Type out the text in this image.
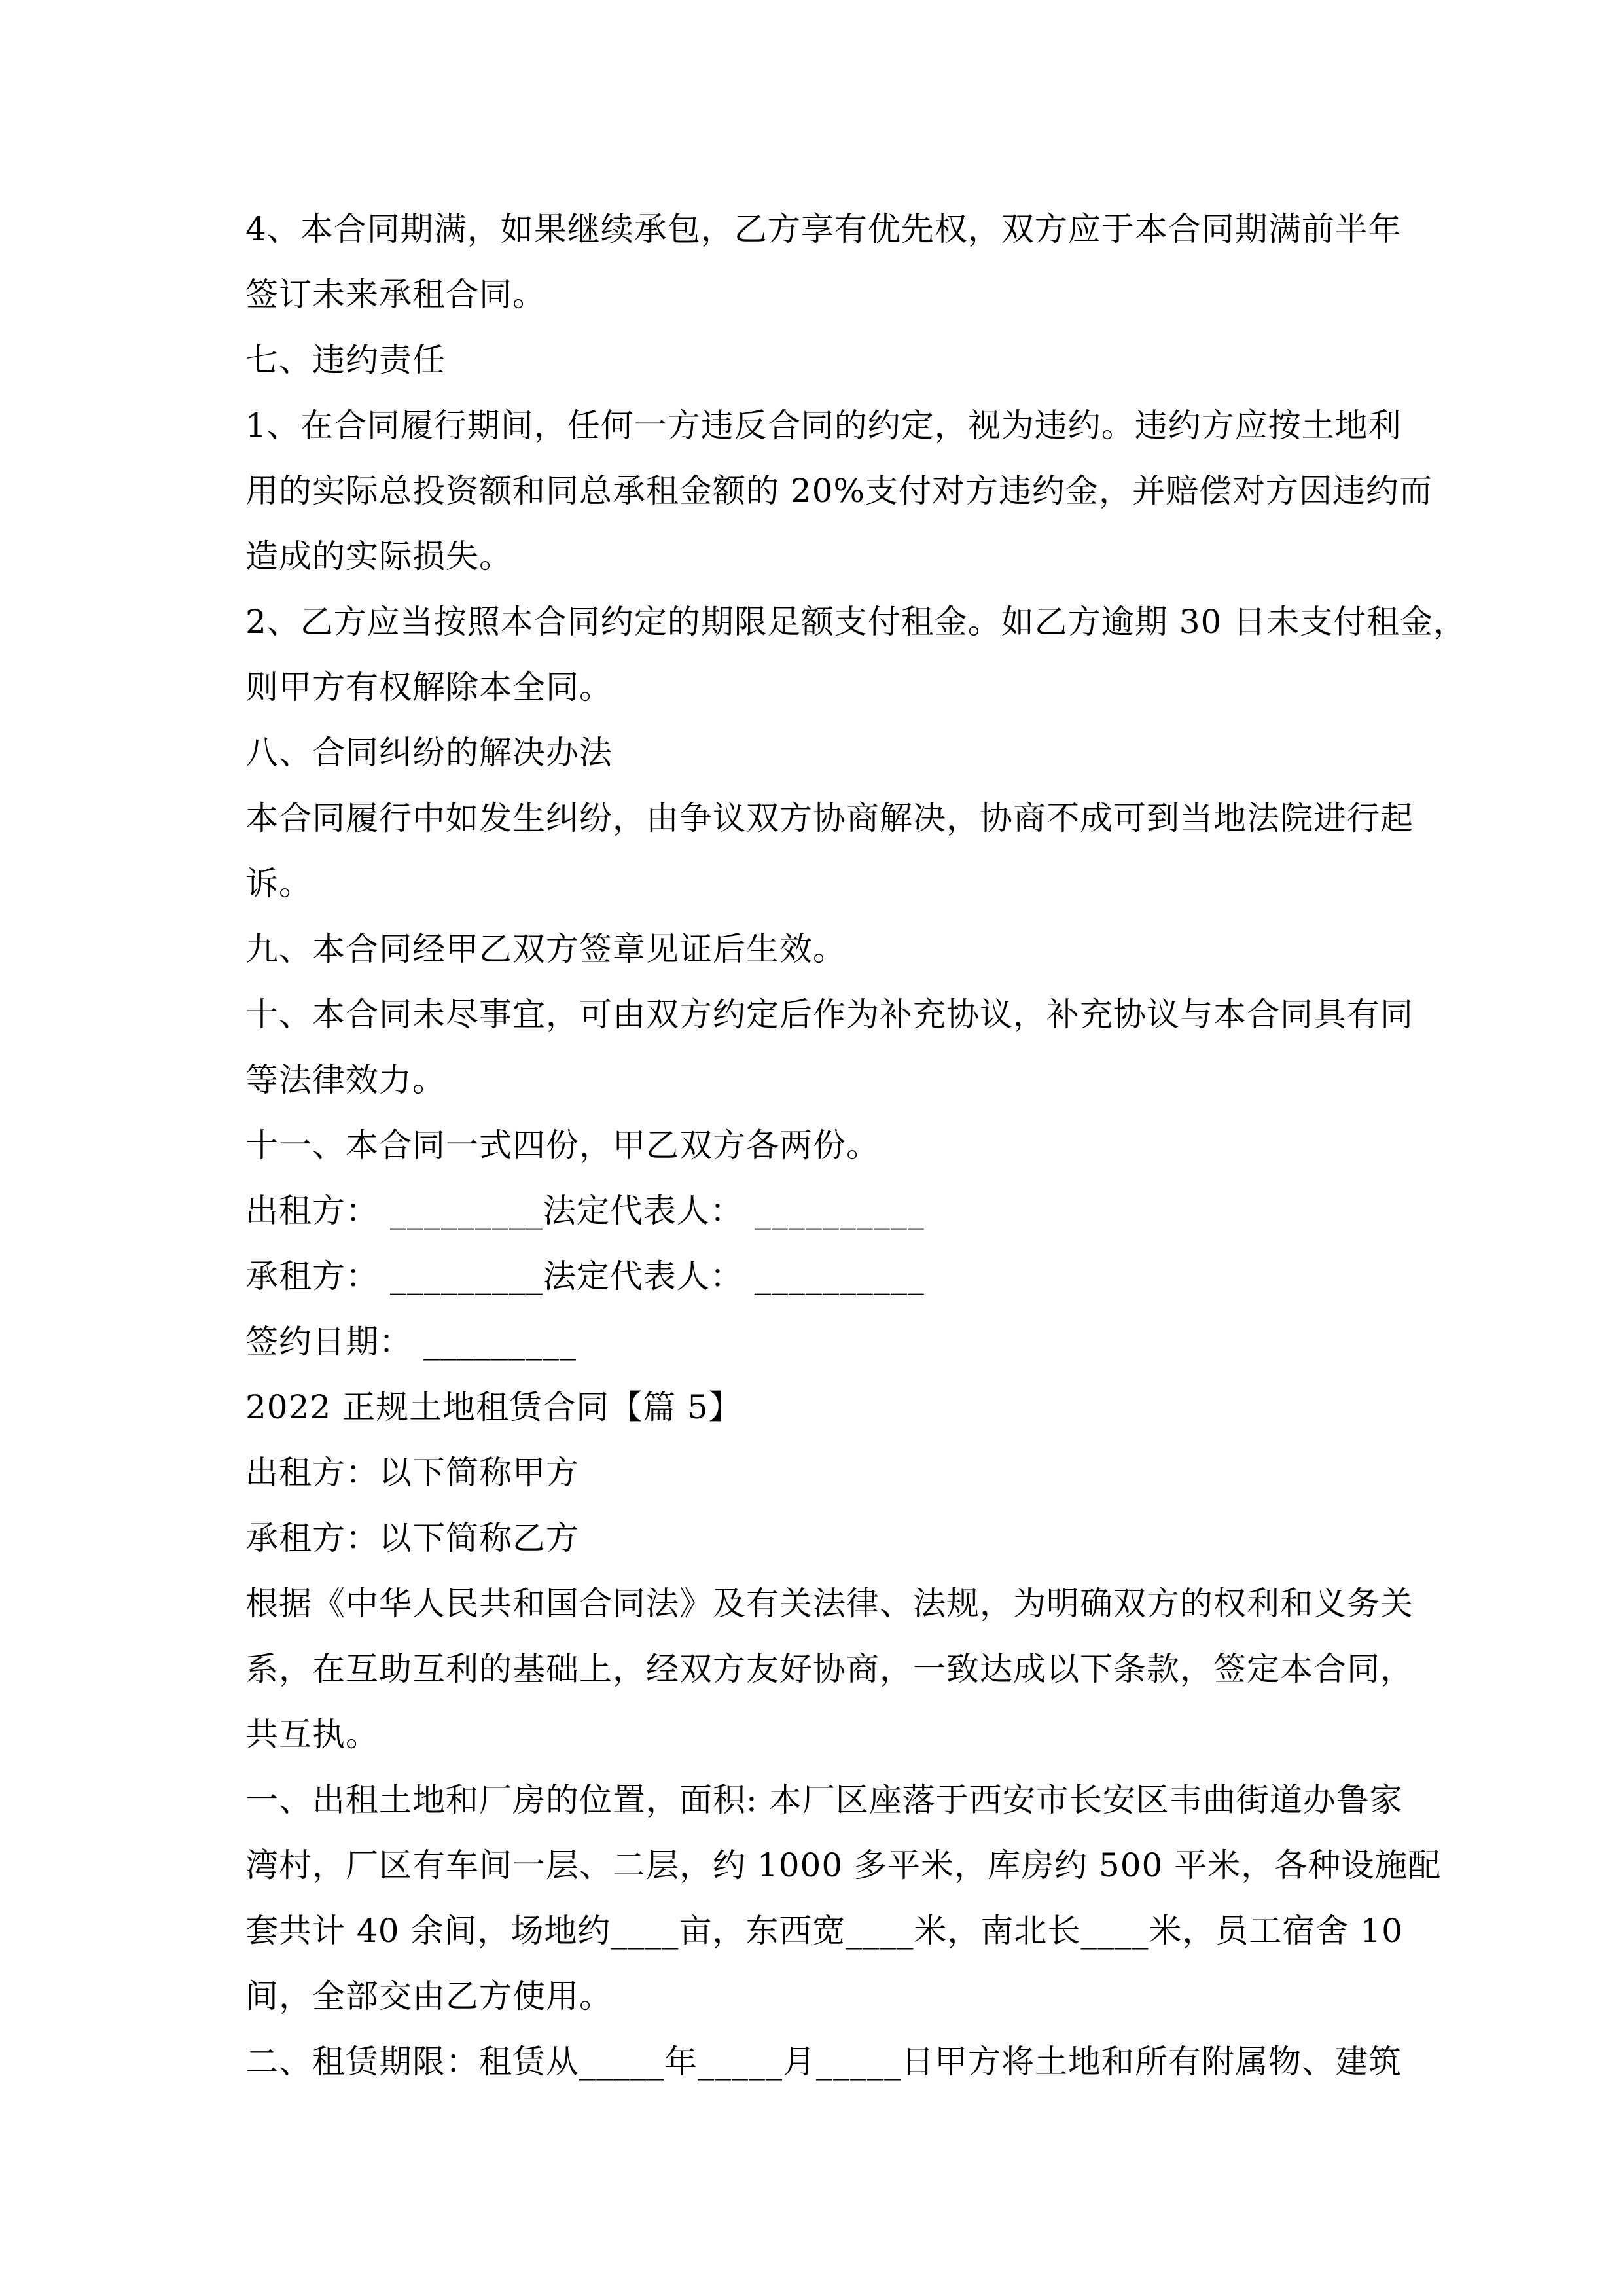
4、本合同期满，如果继续承包，乙方享有优先权，双方应于本合同期满前半年
签订未来承租合同。
七、违约责任
1、在合同履行期间，任何一方违反合同的约定，视为违约。违约方应按土地利
用的实际总投资额和同总承租金额的 20%支付对方违约金，并赔偿对方因违约而
造成的实际损失。
2、乙方应当按照本合同约定的期限足额支付租金。如乙方逾期 30 日未支付租金，
则甲方有权解除本全同。
八、合同纠纷的解决办法
本合同履行中如发生纠纷，由争议双方协商解决，协商不成可到当地法院进行起
诉。
九、本合同经甲乙双方签章见证后生效。
十、本合同未尽事宜，可由双方约定后作为补充协议，补充协议与本合同具有同
等法律效力。
十一、本合同一式四份，甲乙双方各两份。
出租方： _________法定代表人： __________
承租方： _________法定代表人： __________
签约日期： _________
2022 正规土地租赁合同【篇 5】
出租方：以下简称甲方
承租方：以下简称乙方
根据《中华人民共和国合同法》及有关法律、法规，为明确双方的权利和义务关
系，在互助互利的基础上，经双方友好协商，一致达成以下条款，签定本合同，
共互执。
一、出租土地和厂房的位置，面积: 本厂区座落于西安市长安区韦曲街道办鲁家
湾村，厂区有车间一层、二层，约 1000 多平米，库房约 500 平米，各种设施配
套共计 40 余间，场地约____亩，东西宽____米，南北长____米，员工宿舍 10
间，全部交由乙方使用。
二、租赁期限：租赁从_____年_____月_____日甲方将土地和所有附属物、建筑
